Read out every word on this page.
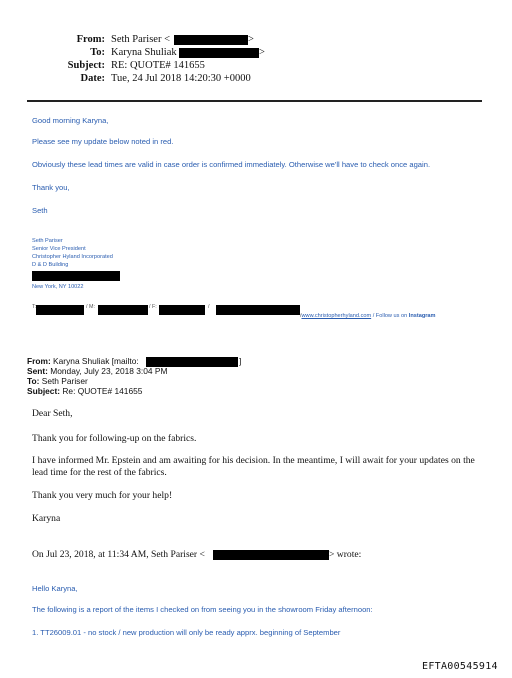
From: Seth Pariser <	>
To: Karyna Shuliak	>
Subject: RE: QUOTE# 141655
Date: Tue, 24 Jul 2018 14:20:30 +0000
Good morning Karyna,
Please see my update below noted in red.
Obviously these lead times are valid in case order is confirmed immediately. Otherwise we'll have to check once again.
Thank you,
Seth
Seth Pariser
Senior Vice President
Christopher Hyland Incorporated
D & D Building
New York, NY 10022
T:	/ M:	/ F:	/
/www.christopherhyland.com / Follow us on Instagram
From: Karyna Shuliak [mailto:	]
Sent: Monday, July 23, 2018 3:04 PM
To: Seth Pariser
Subject: Re: QUOTE# 141655
Dear Seth,
Thank you for following-up on the fabrics.
I have informed Mr. Epstein and am awaiting for his decision. In the meantime, I will await for your updates on the lead time for the rest of the fabrics.
Thank you very much for your help!
Karyna
On Jul 23, 2018, at 11:34 AM, Seth Pariser <	> wrote:
Hello Karyna,
The following is a report of the items I checked on from seeing you in the showroom Friday afternoon:
1. TT26009.01 - no stock / new production will only be ready apprx. beginning of September
EFTA00545914
